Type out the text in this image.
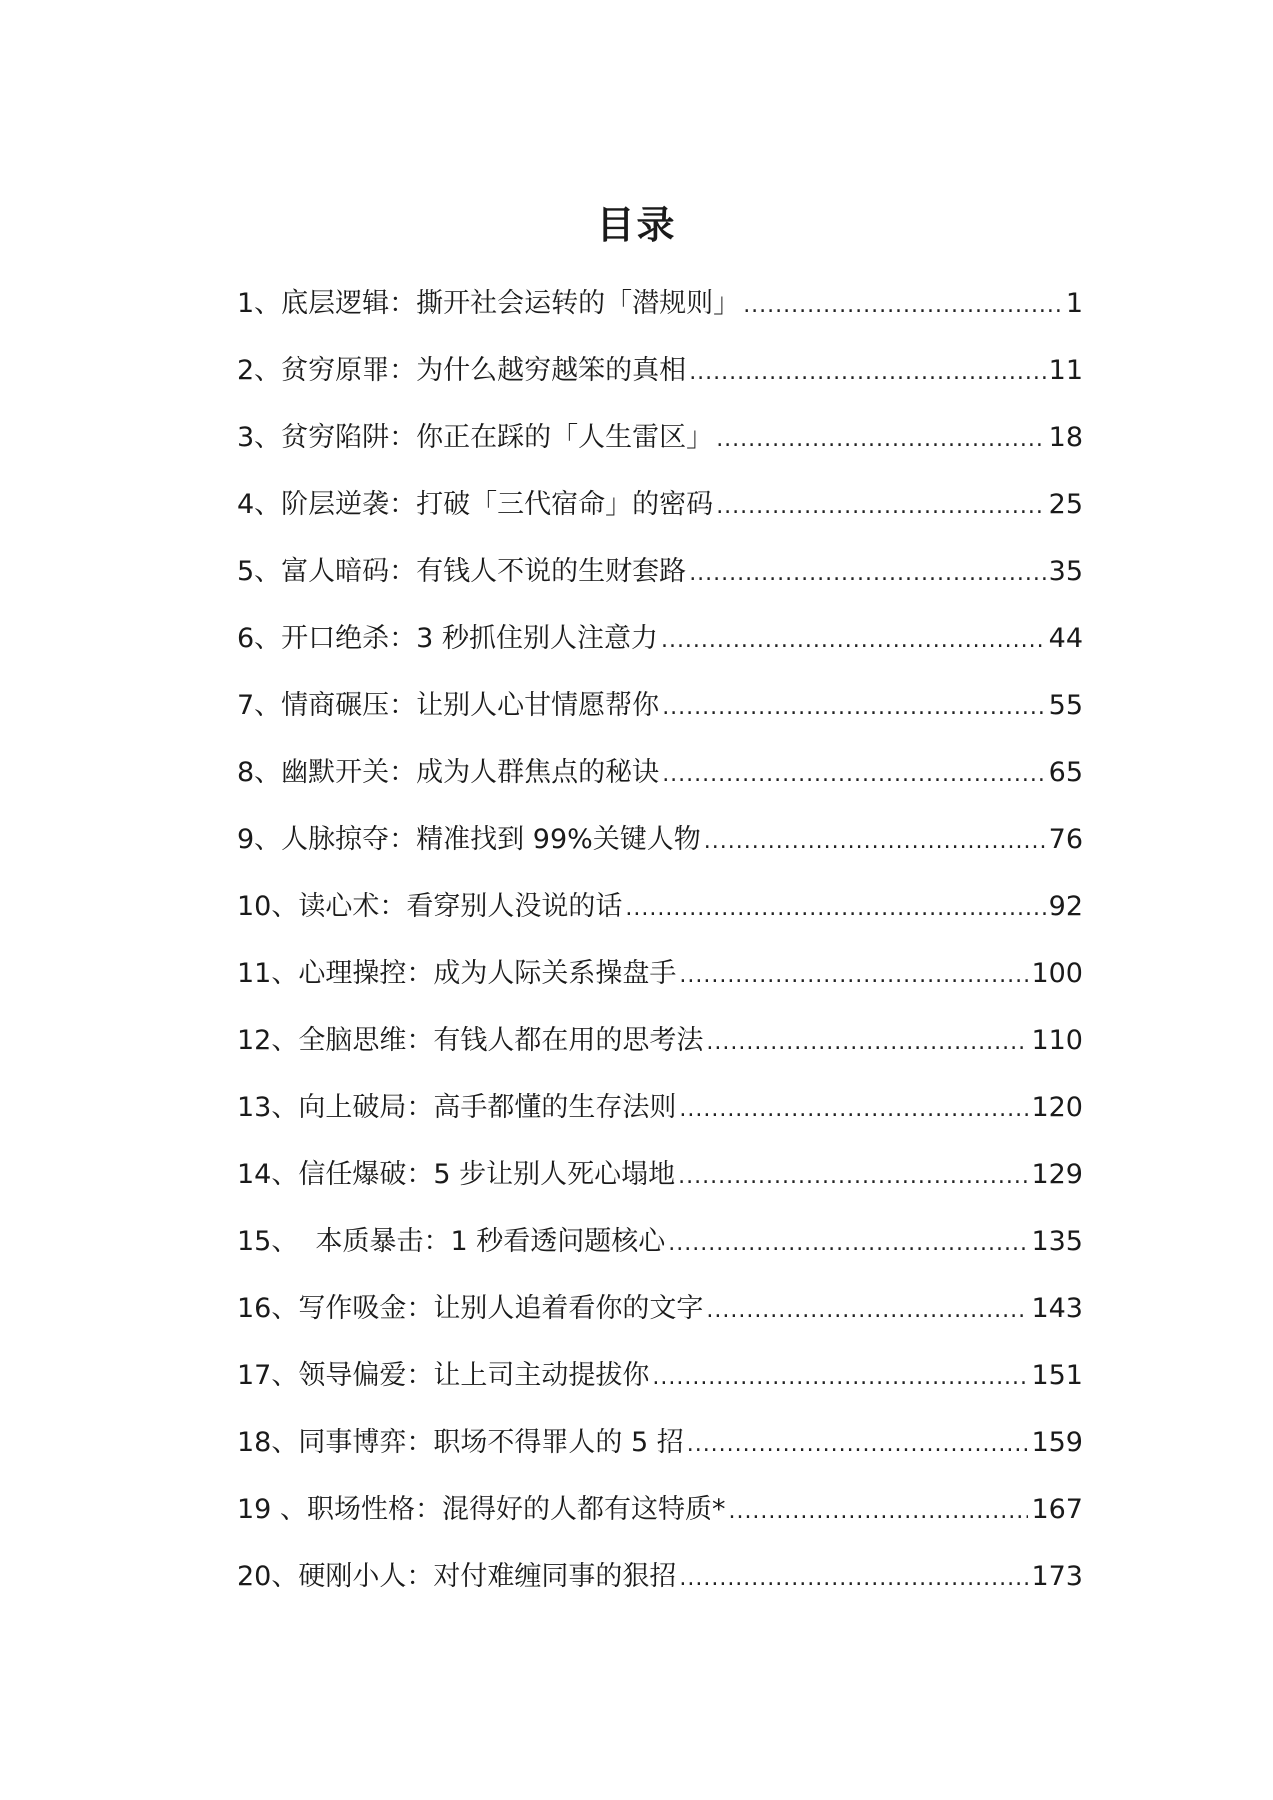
目录
1、底层逻辑：撕开社会运转的「潜规则」 .....	1
2、贫穷原罪：为什么越穷越笨的真相 .....	11
3、贫穷陷阱：你正在踩的「人生雷区」 .....	18
4、阶层逆袭：打破「三代宿命」的密码 .....	25
5、富人暗码：有钱人不说的生财套路 .....	35
6、开口绝杀：3 秒抓住别人注意力 .....	44
7、情商碾压：让别人心甘情愿帮你 .....	55
8、幽默开关：成为人群焦点的秘诀 .....	65
9、人脉掠夺：精准找到 99%关键人物 .....	76
10、读心术：看穿别人没说的话 .....	92
11、心理操控：成为人际关系操盘手 .....	100
12、全脑思维：有钱人都在用的思考法 .....	110
13、向上破局：高手都懂的生存法则 .....	120
14、信任爆破：5 步让别人死心塌地 .....	129
15、  本质暴击：1 秒看透问题核心 .....	135
16、写作吸金：让别人追着看你的文字 .....	143
17、领导偏爱：让上司主动提拔你 .....	151
18、同事博弈：职场不得罪人的 5 招 .....	159
19 、职场性格：混得好的人都有这特质* .....	167
20、硬刚小人：对付难缠同事的狠招 .....	173
